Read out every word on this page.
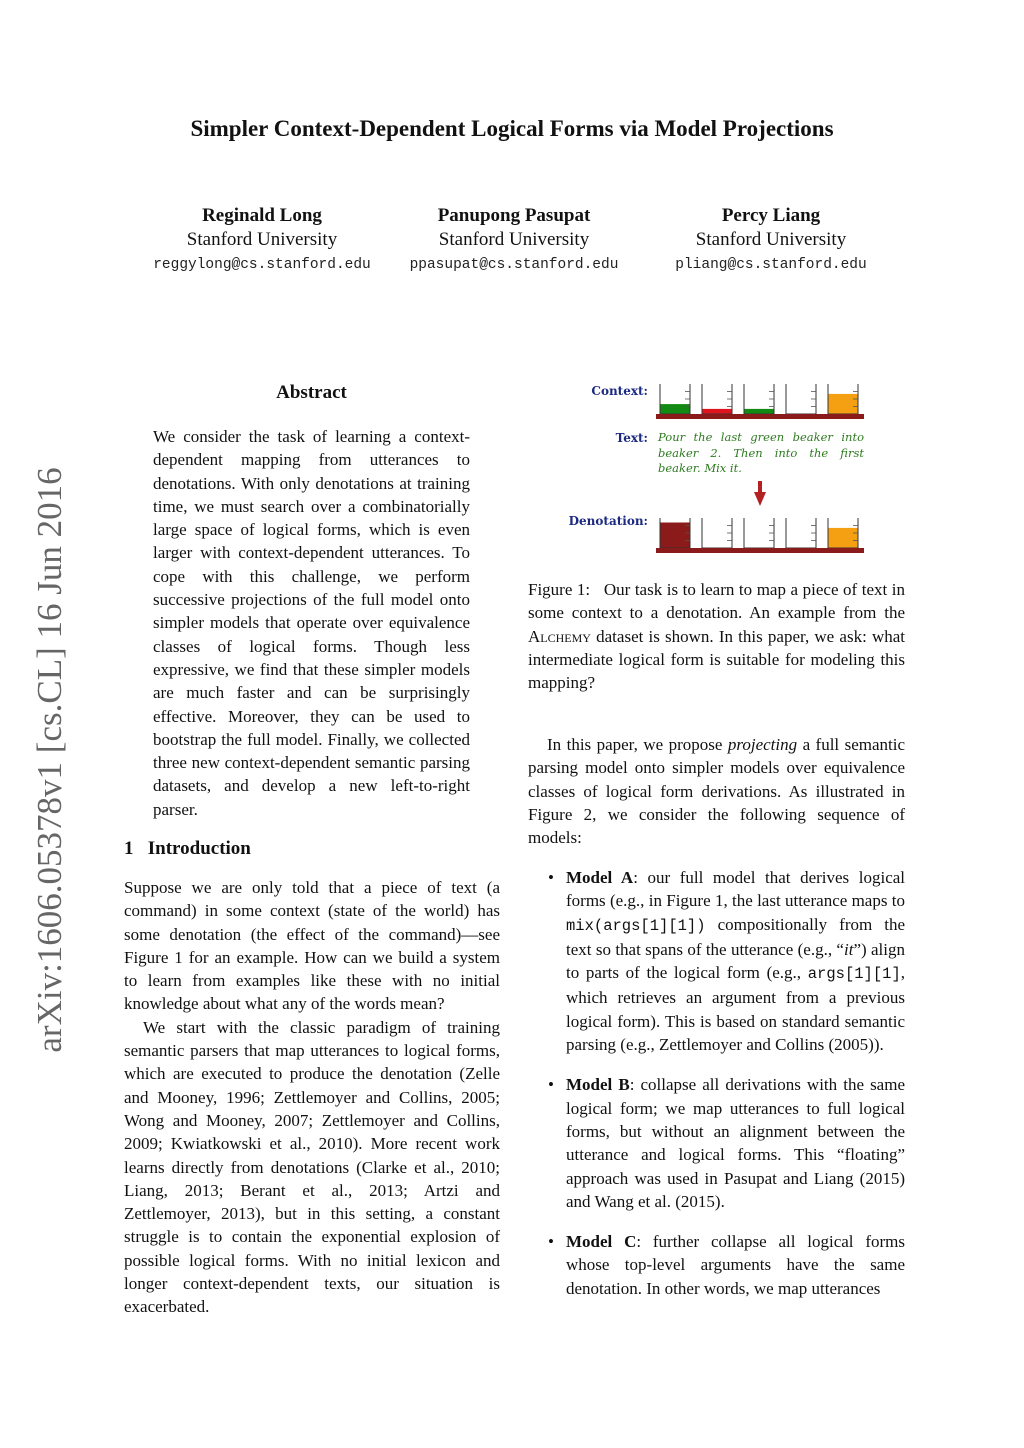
Simpler Context-Dependent Logical Forms via Model Projections
Reginald Long
Stanford University
reggylong@cs.stanford.edu
Panupong Pasupat
Stanford University
ppasupat@cs.stanford.edu
Percy Liang
Stanford University
pliang@cs.stanford.edu
arXiv:1606.05378v1 [cs.CL] 16 Jun 2016
Abstract
We consider the task of learning a context-dependent mapping from utterances to denotations. With only denotations at training time, we must search over a combinatorially large space of logical forms, which is even larger with context-dependent utterances. To cope with this challenge, we perform successive projections of the full model onto simpler models that operate over equivalence classes of logical forms. Though less expressive, we find that these simpler models are much faster and can be surprisingly effective. Moreover, they can be used to bootstrap the full model. Finally, we collected three new context-dependent semantic parsing datasets, and develop a new left-to-right parser.
1 Introduction

Suppose we are only told that a piece of text (a command) in some context (state of the world) has some denotation (the effect of the command)—see Figure 1 for an example. How can we build a system to learn from examples like these with no initial knowledge about what any of the words mean?

We start with the classic paradigm of training semantic parsers that map utterances to logical forms, which are executed to produce the denotation (Zelle and Mooney, 1996; Zettlemoyer and Collins, 2005; Wong and Mooney, 2007; Zettlemoyer and Collins, 2009; Kwiatkowski et al., 2010). More recent work learns directly from denotations (Clarke et al., 2010; Liang, 2013; Berant et al., 2013; Artzi and Zettlemoyer, 2013), but in this setting, a constant struggle is to contain the exponential explosion of possible logical forms. With no initial lexicon and longer context-dependent texts, our situation is exacerbated.

Context:
Text:
Denotation:
Pour the last green beaker into beaker 2. Then into the first beaker. Mix it.
Figure 1: Our task is to learn to map a piece of text in some context to a denotation. An example from the Alchemy dataset is shown. In this paper, we ask: what intermediate logical form is suitable for modeling this mapping?
In this paper, we propose projecting a full semantic parsing model onto simpler models over equivalence classes of logical form derivations. As illustrated in Figure 2, we consider the following sequence of models:
• Model A: our full model that derives logical forms (e.g., in Figure 1, the last utterance maps to mix(args[1][1]) compositionally from the text so that spans of the utterance (e.g., “it”) align to parts of the logical form (e.g., args[1][1], which retrieves an argument from a previous logical form). This is based on standard semantic parsing (e.g., Zettlemoyer and Collins (2005)).
• Model B: collapse all derivations with the same logical form; we map utterances to full logical forms, but without an alignment between the utterance and logical forms. This “floating” approach was used in Pasupat and Liang (2015) and Wang et al. (2015).
• Model C: further collapse all logical forms whose top-level arguments have the same denotation. In other words, we map utterances
